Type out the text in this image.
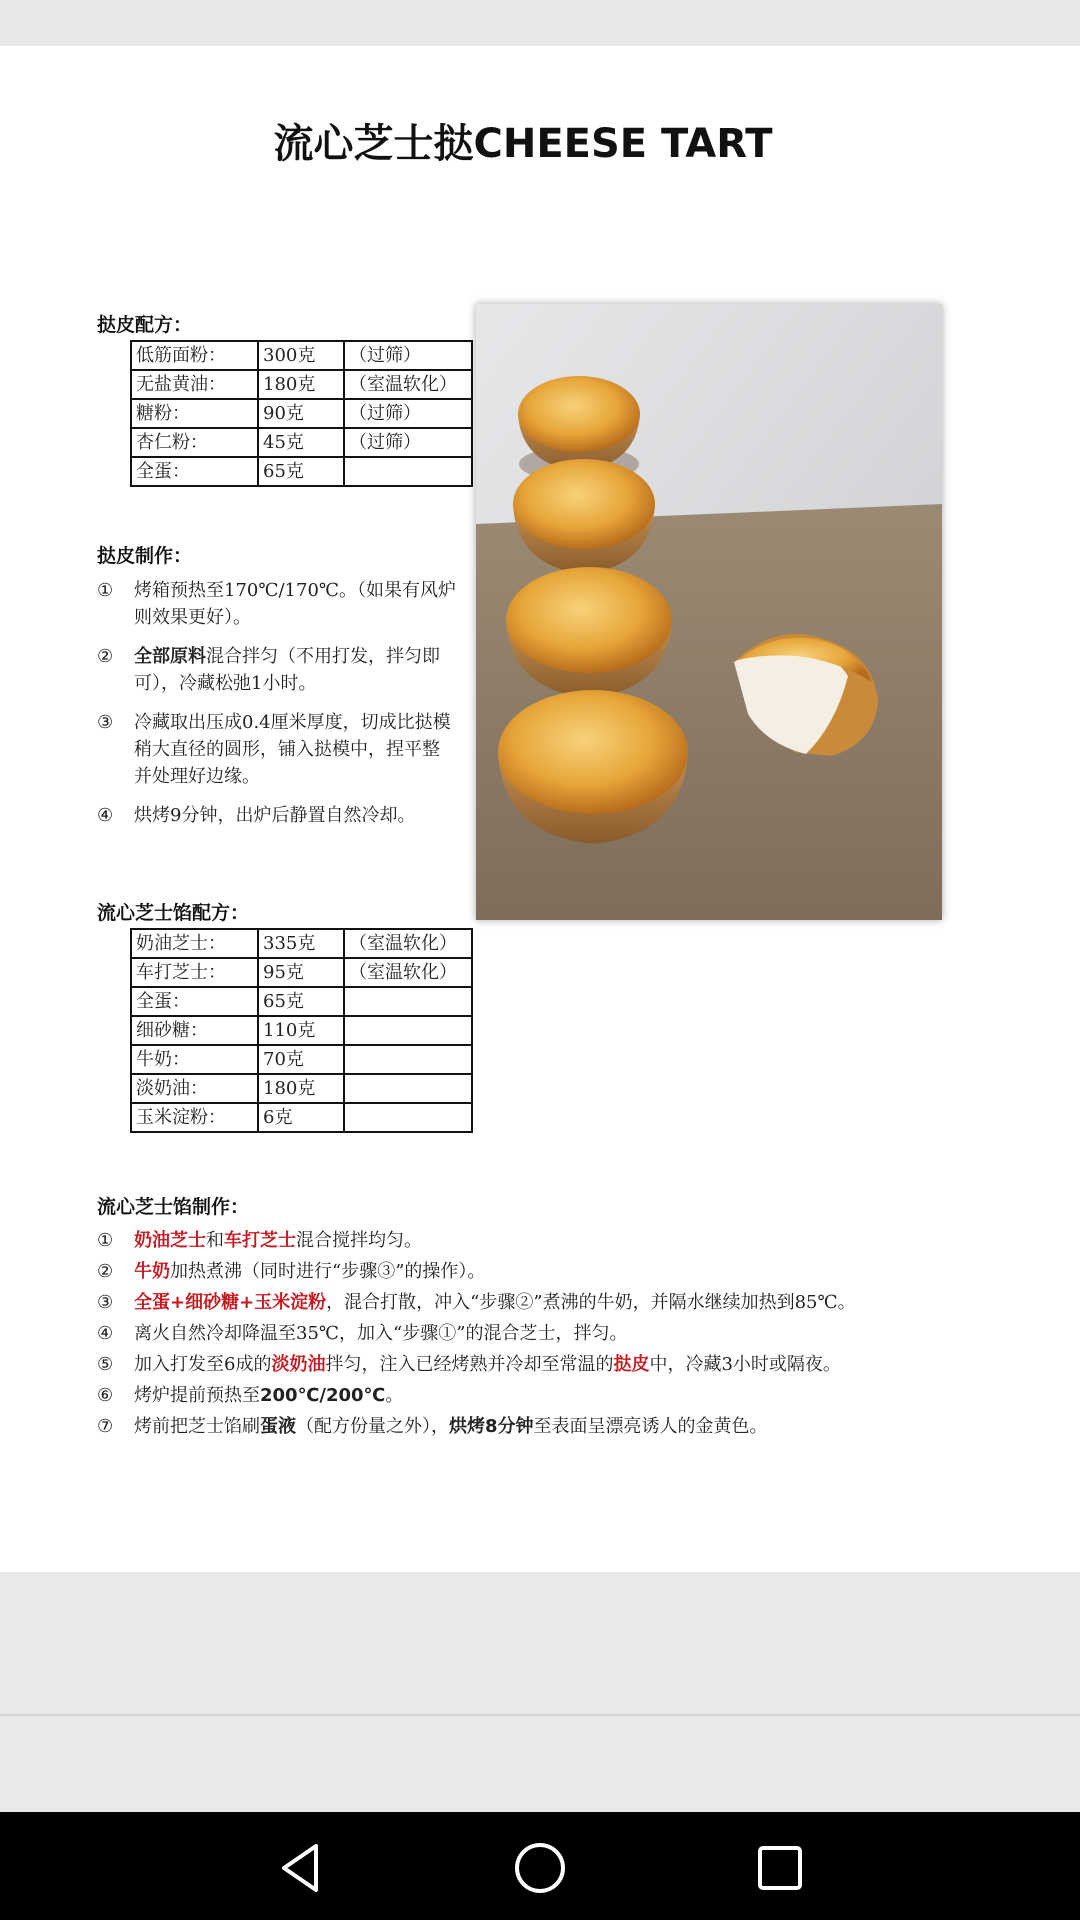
流心芝士挞CHEESE TART
挞皮配方：
低筋面粉：	300克	（过筛）
无盐黄油：	180克	（室温软化）
糖粉：	90克	（过筛）
杏仁粉：	45克	（过筛）
全蛋：	65克	
挞皮制作：
①	烤箱预热至170℃/170℃。（如果有风炉则效果更好）。
②	全部原料混合拌匀（不用打发，拌匀即可），冷藏松弛1小时。
③	冷藏取出压成0.4厘米厚度，切成比挞模稍大直径的圆形，铺入挞模中，捏平整并处理好边缘。
④	烘烤9分钟，出炉后静置自然冷却。
流心芝士馅配方：
奶油芝士：	335克	（室温软化）
车打芝士：	95克	（室温软化）
全蛋：	65克	
细砂糖：	110克	
牛奶：	70克	
淡奶油：	180克	
玉米淀粉：	6克	
流心芝士馅制作：
①	奶油芝士和车打芝士混合搅拌均匀。
②	牛奶加热煮沸（同时进行“步骤③”的操作）。
③	全蛋+细砂糖+玉米淀粉，混合打散，冲入“步骤②”煮沸的牛奶，并隔水继续加热到85℃。
④	离火自然冷却降温至35℃，加入“步骤①”的混合芝士，拌匀。
⑤	加入打发至6成的淡奶油拌匀，注入已经烤熟并冷却至常温的挞皮中，冷藏3小时或隔夜。
⑥	烤炉提前预热至200℃/200℃。
⑦	烤前把芝士馅刷蛋液（配方份量之外），烘烤8分钟至表面呈漂亮诱人的金黄色。
